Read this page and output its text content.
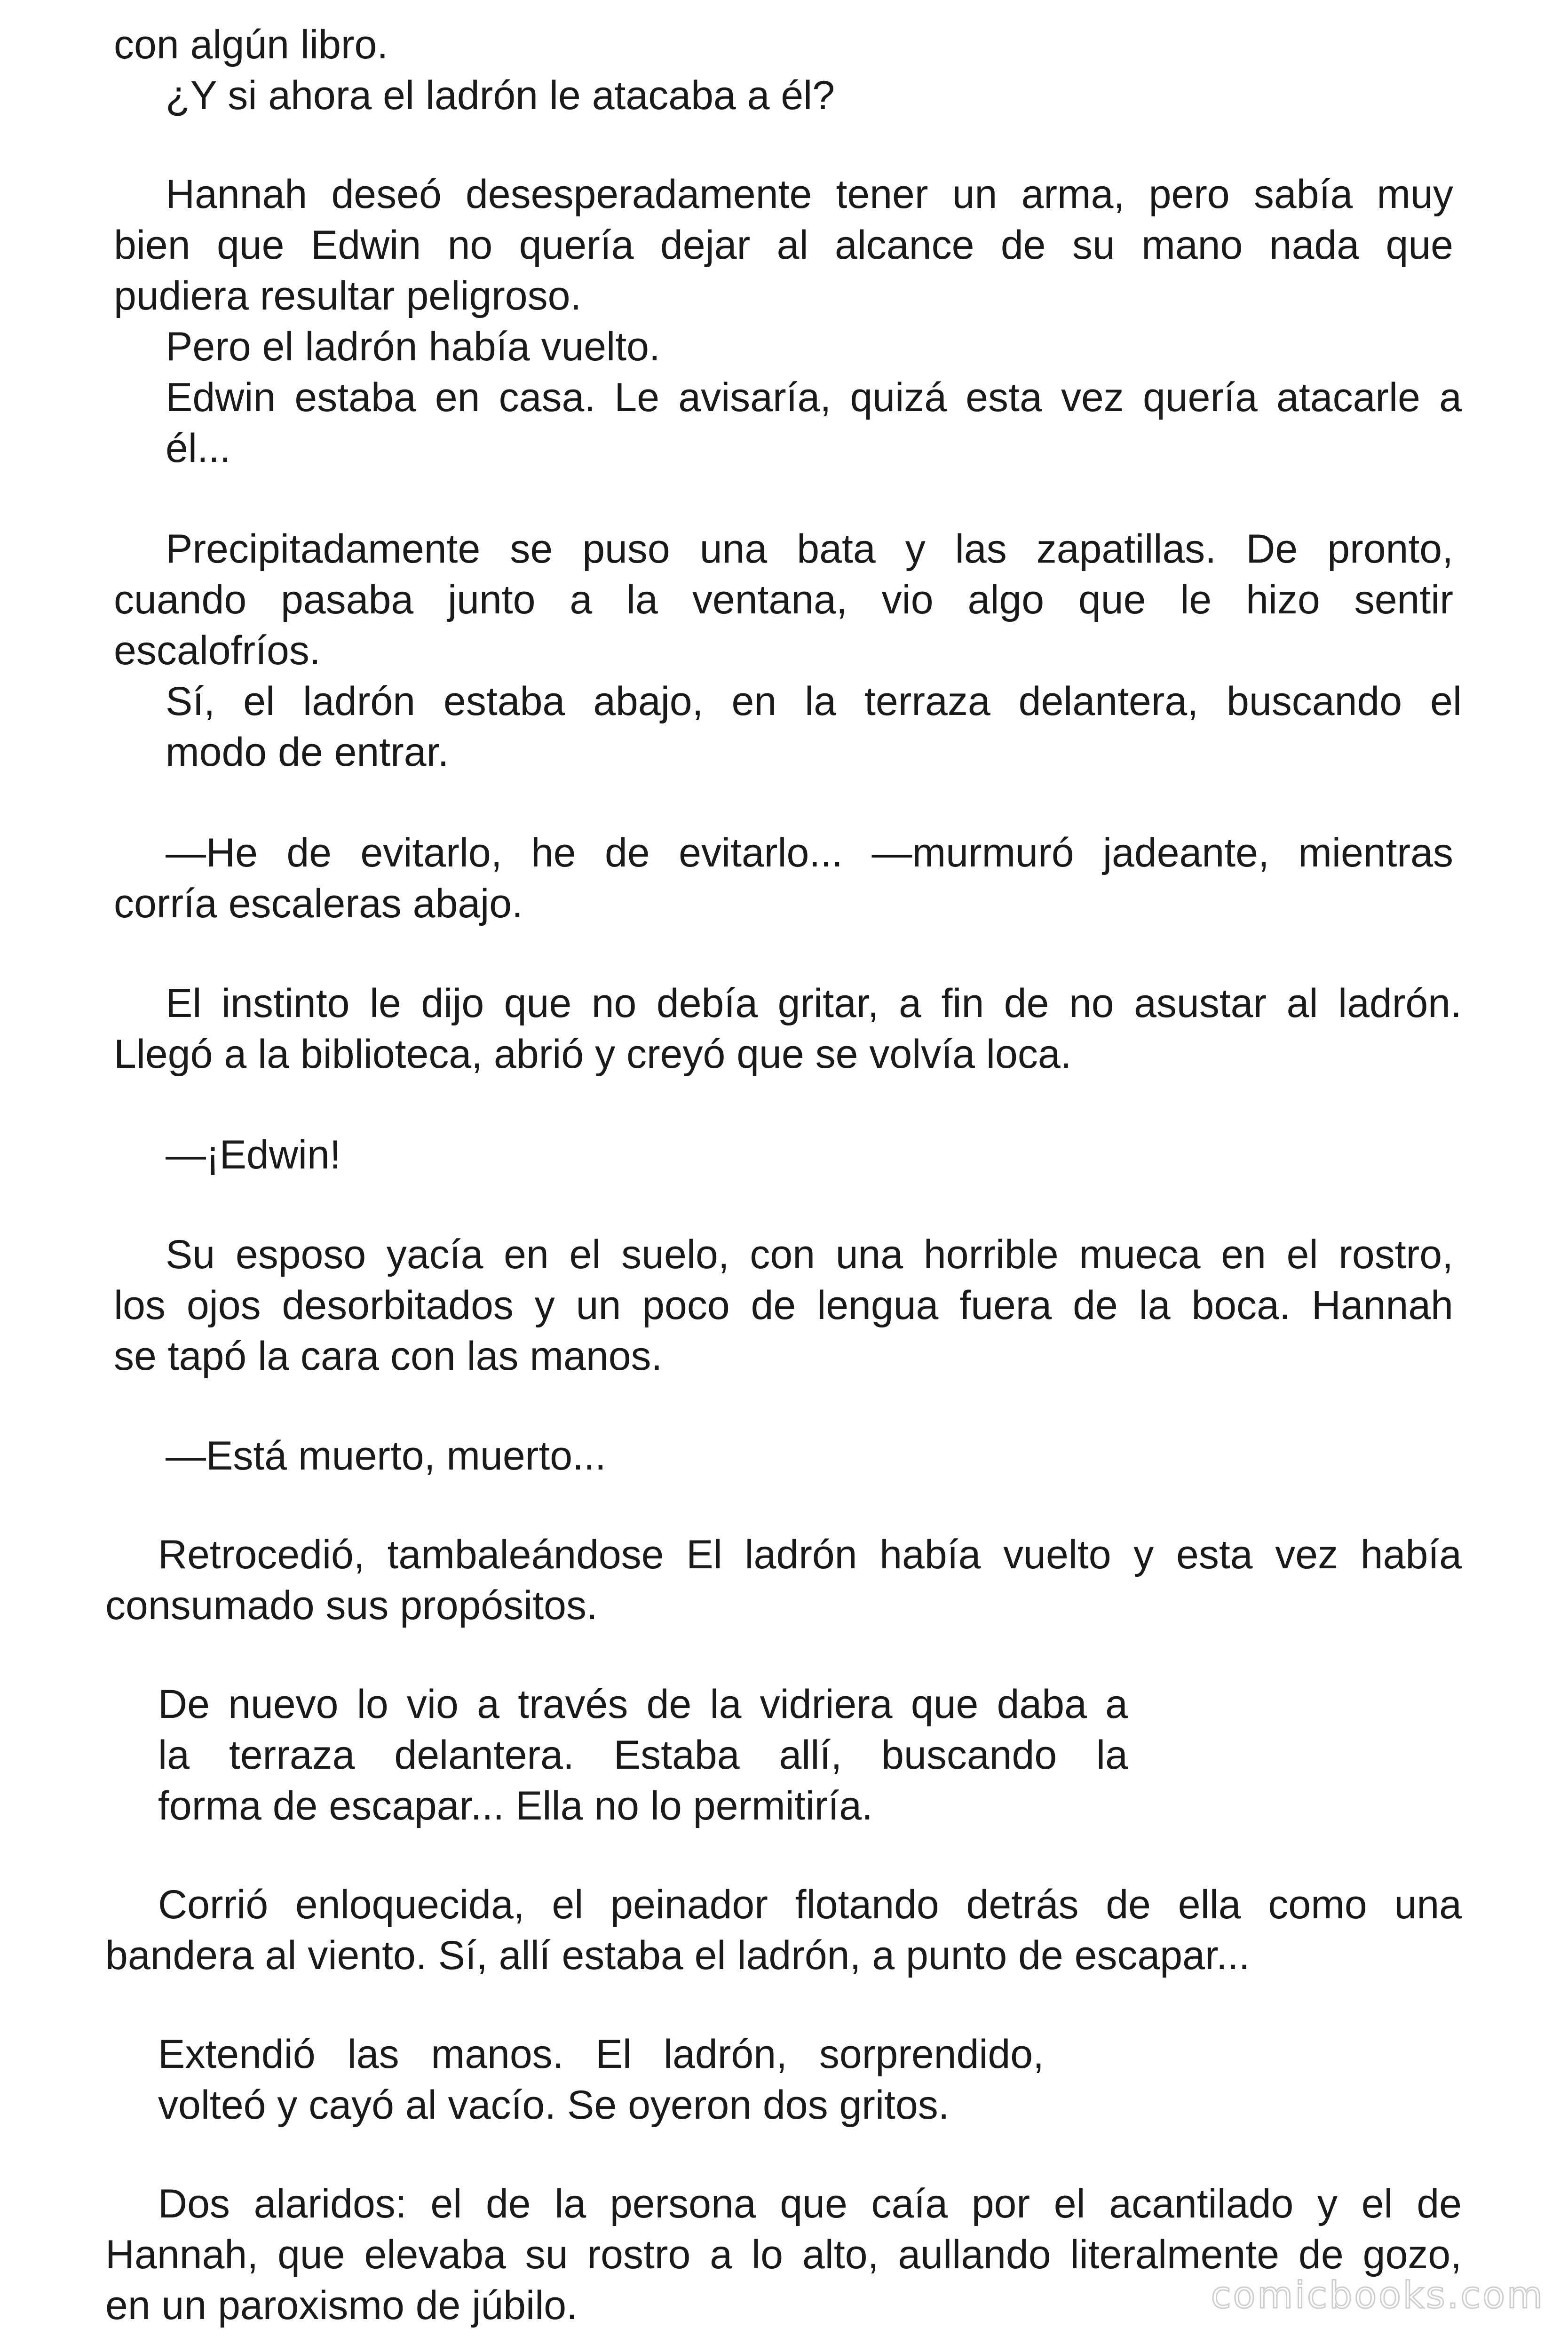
con algún libro.

¿Y si ahora el ladrón le atacaba a él?

Hannah deseó desesperadamente tener un arma, pero sabía muy

bien que Edwin no quería dejar al alcance de su mano nada que

pudiera resultar peligroso.

Pero el ladrón había vuelto.

Edwin estaba en casa. Le avisaría, quizá esta vez quería atacarle a

él...

Precipitadamente se puso una bata y las zapatillas. De pronto,

cuando pasaba junto a la ventana, vio algo que le hizo sentir

escalofríos.

Sí, el ladrón estaba abajo, en la terraza delantera, buscando el

modo de entrar.

—He de evitarlo, he de evitarlo... —murmuró jadeante, mientras

corría escaleras abajo.

El instinto le dijo que no debía gritar, a fin de no asustar al ladrón.

Llegó a la biblioteca, abrió y creyó que se volvía loca.

—¡Edwin!

Su esposo yacía en el suelo, con una horrible mueca en el rostro,

los ojos desorbitados y un poco de lengua fuera de la boca. Hannah

se tapó la cara con las manos.

—Está muerto, muerto...

Retrocedió, tambaleándose El ladrón había vuelto y esta vez había

consumado sus propósitos.

De nuevo lo vio a través de la vidriera que daba a

la terraza delantera. Estaba allí, buscando la

forma de escapar... Ella no lo permitiría.

Corrió enloquecida, el peinador flotando detrás de ella como una

bandera al viento. Sí, allí estaba el ladrón, a punto de escapar...

Extendió las manos. El ladrón, sorprendido,

volteó y cayó al vacío. Se oyeron dos gritos.

Dos alaridos: el de la persona que caía por el acantilado y el de

Hannah, que elevaba su rostro a lo alto, aullando literalmente de gozo,

en un paroxismo de júbilo.	comicbooks.com
